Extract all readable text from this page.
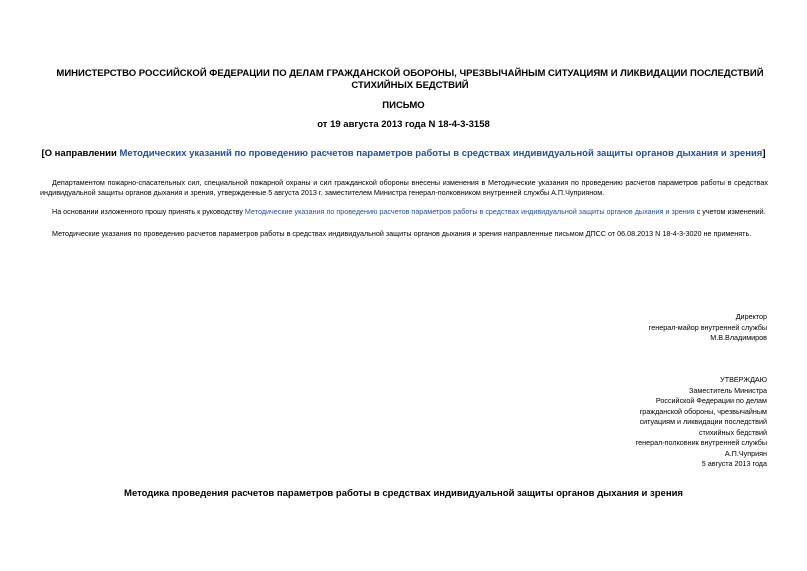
МИНИСТЕРСТВО РОССИЙСКОЙ ФЕДЕРАЦИИ ПО ДЕЛАМ ГРАЖДАНСКОЙ ОБОРОНЫ, ЧРЕЗВЫЧАЙНЫМ СИТУАЦИЯМ И ЛИКВИДАЦИИ ПОСЛЕДСТВИЙ СТИХИЙНЫХ БЕДСТВИЙ
ПИСЬМО
от 19 августа 2013 года N 18-4-3-3158
[О направлении Методических указаний по проведению расчетов параметров работы в средствах индивидуальной защиты органов дыхания и зрения]
Департаментом пожарно-спасательных сил, специальной пожарной охраны и сил гражданской обороны внесены изменения в Методические указания по проведению расчетов параметров работы в средствах индивидуальной защиты органов дыхания и зрения, утвержденные 5 августа 2013 г. заместителем Министра генерал-полковником внутренней службы А.П.Чуприяном.
На основании изложенного прошу принять к руководству Методические указания по проведению расчетов параметров работы в средствах индивидуальной защиты органов дыхания и зрения с учетом изменений.
Методические указания по проведению расчетов параметров работы в средствах индивидуальной защиты органов дыхания и зрения направленные письмом ДПСС от 06.08.2013 N 18-4-3-3020 не применять.
Директор
генерал-майор внутренней службы
М.В.Владимиров
УТВЕРЖДАЮ
Заместитель Министра
Российской Федерации по делам
гражданской обороны, чрезвычайным
ситуациям и ликвидации последствий
стихийных бедствий
генерал-полковник внутренней службы
А.П.Чуприян
5 августа 2013 года
Методика проведения расчетов параметров работы в средствах индивидуальной защиты органов дыхания и зрения
